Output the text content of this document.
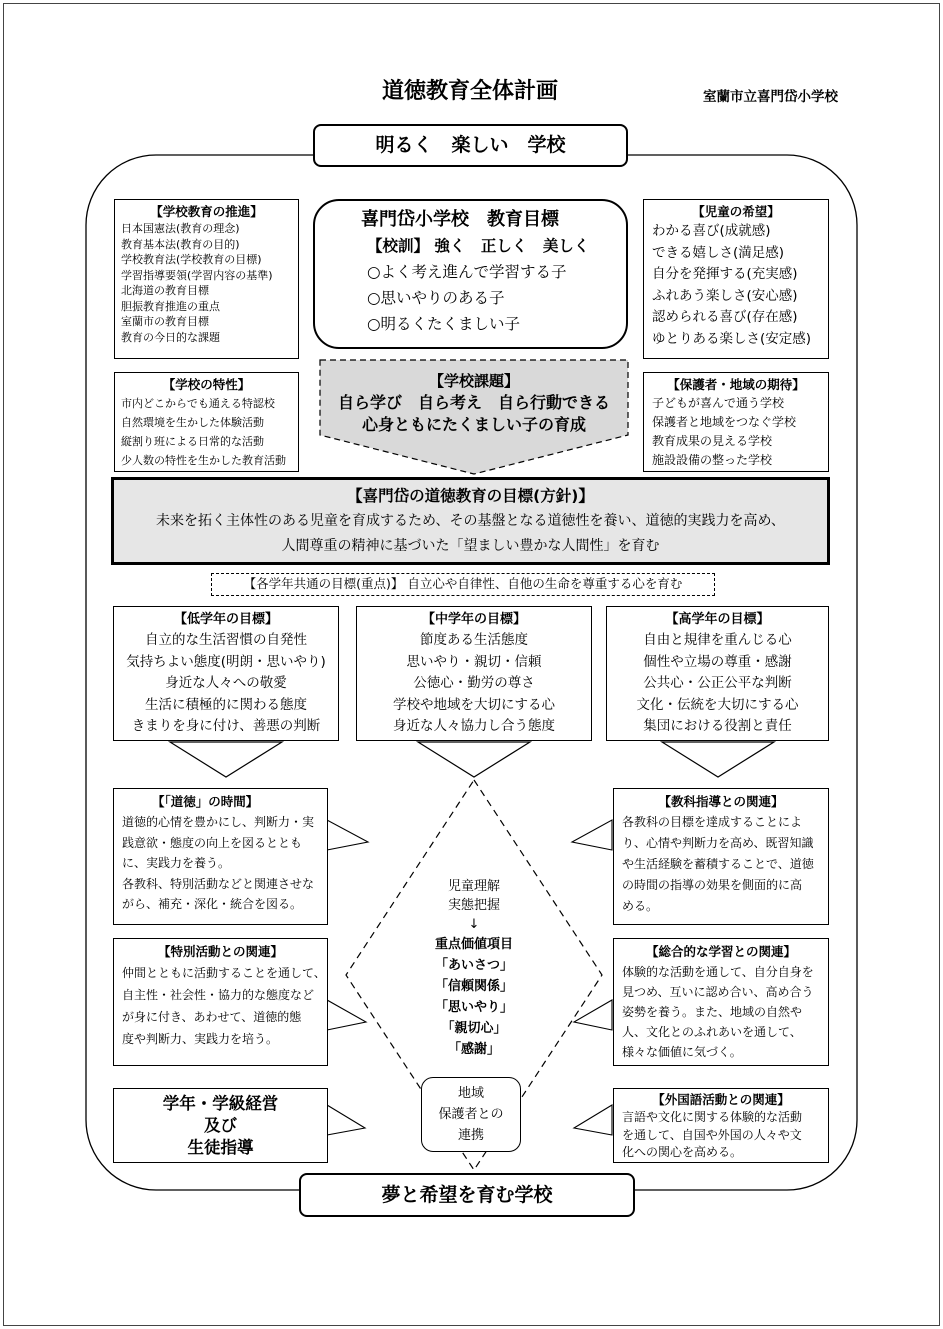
道徳教育全体計画	室蘭市立喜門岱小学校
明るく　楽しい　学校
【学校教育の推進】
日本国憲法(教育の理念)
教育基本法(教育の目的)
学校教育法(学校教育の目標)
学習指導要領(学習内容の基準)
北海道の教育目標
胆振教育推進の重点
室蘭市の教育目標
教育の今日的な課題
喜門岱小学校　教育目標
【校訓】 強く　正しく　美しく
○よく考え進んで学習する子
○思いやりのある子
○明るくたくましい子
【児童の希望】
わかる喜び(成就感)
できる嬉しさ(満足感)
自分を発揮する(充実感)
ふれあう楽しさ(安心感)
認められる喜び(存在感)
ゆとりある楽しさ(安定感)
【学校の特性】
市内どこからでも通える特認校
自然環境を生かした体験活動
縦割り班による日常的な活動
少人数の特性を生かした教育活動
【学校課題】
自ら学び　自ら考え　自ら行動できる
心身ともにたくましい子の育成
【保護者・地域の期待】
子どもが喜んで通う学校
保護者と地域をつなぐ学校
教育成果の見える学校
施設設備の整った学校
【喜門岱の道徳教育の目標(方針)】
未来を拓く主体性のある児童を育成するため、その基盤となる道徳性を養い、道徳的実践力を高め、
人間尊重の精神に基づいた「望ましい豊かな人間性」を育む
【各学年共通の目標(重点)】 自立心や自律性、自他の生命を尊重する心を育む
【低学年の目標】
自立的な生活習慣の自発性
気持ちよい態度(明朗・思いやり)
身近な人々への敬愛
生活に積極的に関わる態度
きまりを身に付け、善悪の判断
【中学年の目標】
節度ある生活態度
思いやり・親切・信頼
公徳心・勤労の尊さ
学校や地域を大切にする心
身近な人々協力し合う態度
【高学年の目標】
自由と規律を重んじる心
個性や立場の尊重・感謝
公共心・公正公平な判断
文化・伝統を大切にする心
集団における役割と責任
【「道徳」の時間】
道徳的心情を豊かにし、判断力・実
践意欲・態度の向上を図るととも
に、実践力を養う。
各教科、特別活動などと関連させな
がら、補充・深化・統合を図る。
【教科指導との関連】
各教科の目標を達成することによ
り、心情や判断力を高め、既習知識
や生活経験を蓄積することで、道徳
の時間の指導の効果を側面的に高
める。
【特別活動との関連】
仲間とともに活動することを通して、
自主性・社会性・協力的な態度など
が身に付き、あわせて、道徳的態
度や判断力、実践力を培う。
【総合的な学習との関連】
体験的な活動を通して、自分自身を
見つめ、互いに認め合い、高め合う
姿勢を養う。また、地域の自然や
人、文化とのふれあいを通して、
様々な価値に気づく。
学年・学級経営
及び
生徒指導
【外国語活動との関連】
言語や文化に関する体験的な活動
を通して、自国や外国の人々や文
化への関心を高める。
児童理解
実態把握
↓
重点価値項目
「あいさつ」
「信頼関係」
「思いやり」
「親切心」
「感謝」
地域
保護者との
連携
夢と希望を育む学校
